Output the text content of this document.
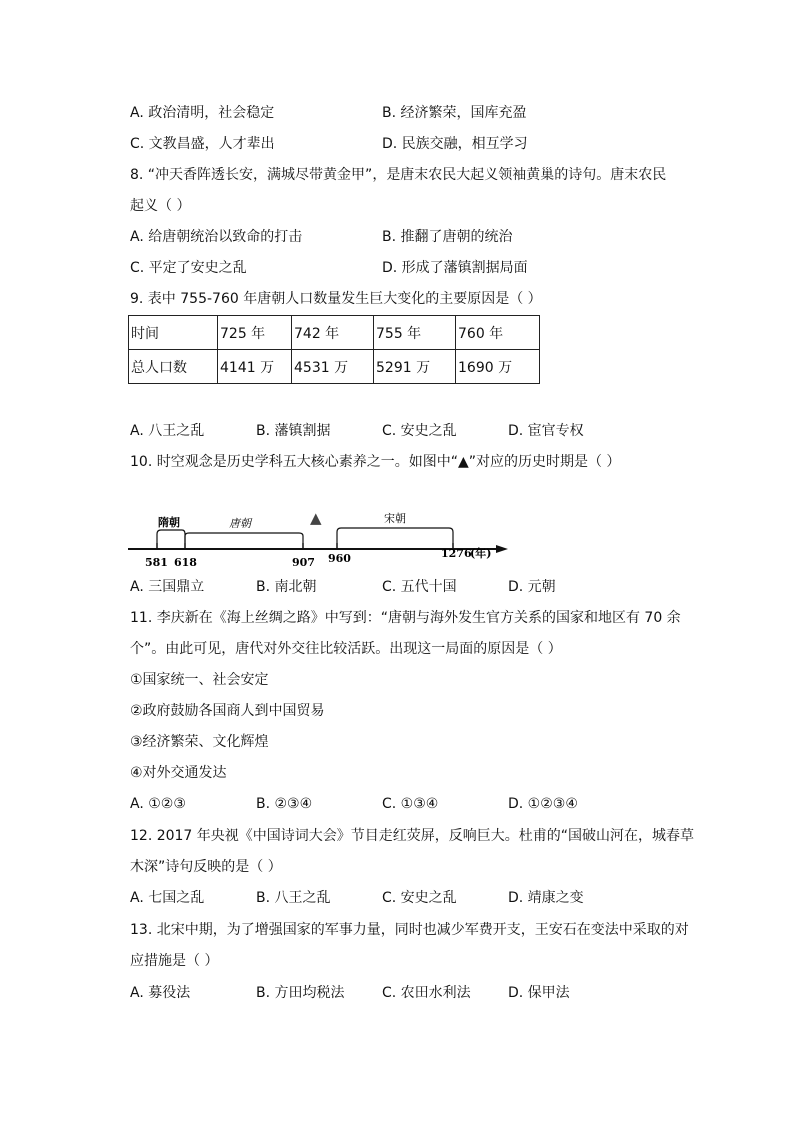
A. 政治清明，社会稳定	B. 经济繁荣，国库充盈
C. 文教昌盛，人才辈出	D. 民族交融，相互学习
8. “冲天香阵透长安，满城尽带黄金甲”，是唐末农民大起义领袖黄巢的诗句。唐末农民
起义（ ）
A. 给唐朝统治以致命的打击	B. 推翻了唐朝的统治
C. 平定了安史之乱	D. 形成了藩镇割据局面
9. 表中 755-760 年唐朝人口数量发生巨大变化的主要原因是（ ）
时间	725 年	742 年	755 年	760 年
总人口数	4141 万	4531 万	5291 万	1690 万
A. 八王之乱	B. 藩镇割据	C. 安史之乱	D. 宦官专权
10. 时空观念是历史学科五大核心素养之一。如图中“▲”对应的历史时期是（ ）
隋朝	唐朝	宋朝
▲
581 618	907 960	1276
(年)
A. 三国鼎立	B. 南北朝	C. 五代十国	D. 元朝
11. 李庆新在《海上丝绸之路》中写到：“唐朝与海外发生官方关系的国家和地区有 70 余
个”。由此可见，唐代对外交往比较活跃。出现这一局面的原因是（ ）
①国家统一、社会安定
②政府鼓励各国商人到中国贸易
③经济繁荣、文化辉煌
④对外交通发达
A. ①②③	B. ②③④	C. ①③④	D. ①②③④
12. 2017 年央视《中国诗词大会》节目走红荧屏，反响巨大。杜甫的“国破山河在，城春草
木深”诗句反映的是（ ）
A. 七国之乱	B. 八王之乱	C. 安史之乱	D. 靖康之变
13. 北宋中期，为了增强国家的军事力量，同时也减少军费开支，王安石在变法中采取的对
应措施是（ ）
A. 募役法	B. 方田均税法	C. 农田水利法	D. 保甲法
